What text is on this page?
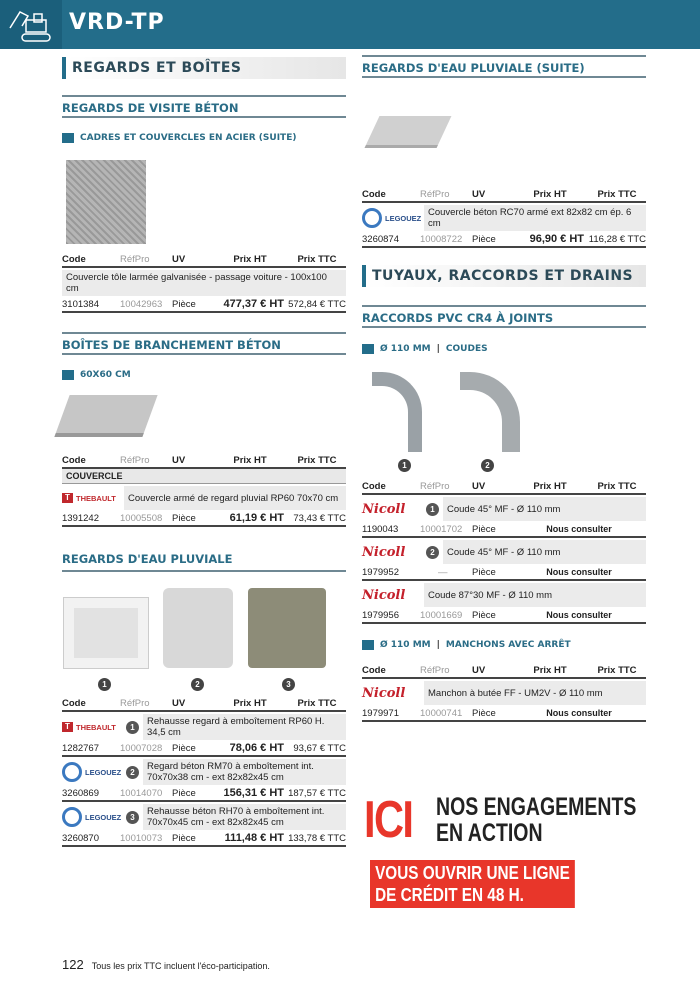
VRD-TP
REGARDS ET BOÎTES
REGARDS DE VISITE BÉTON
CADRES ET COUVERCLES EN ACIER (SUITE)
Code	RéfPro	UV	Prix HT	Prix TTC
Couvercle tôle larmée galvanisée - passage voiture - 100x100 cm
3101384	10042963	Pièce	477,37 € HT 572,84 € TTC
BOÎTES DE BRANCHEMENT BÉTON
60X60 CM
Code	RéfPro	UV	Prix HT	Prix TTC
COUVERCLE
T THEBAULT	Couvercle armé de regard pluvial RP60 70x70 cm
1391242	10005508	Pièce	61,19 € HT 73,43 € TTC
REGARDS D'EAU PLUVIALE
1	2	3
Code	RéfPro	UV	Prix HT	Prix TTC
T THEBAULT	1	Rehausse regard à emboîtement RP60 H. 34,5 cm
1282767	10007028	Pièce	78,06 € HT 93,67 € TTC
LEGOUEZ	2	Regard béton RM70 à emboîtement int. 70x70x38 cm - ext 82x82x45 cm
3260869	10014070	Pièce	156,31 € HT 187,57 € TTC
LEGOUEZ	3	Rehausse béton RH70 à emboîtement int. 70x70x45 cm - ext 82x82x45 cm
3260870	10010073	Pièce	111,48 € HT 133,78 € TTC
REGARDS D'EAU PLUVIALE (SUITE)
Code	RéfPro	UV	Prix HT	Prix TTC
LEGOUEZ Couvercle béton RC70 armé ext 82x82 cm ép. 6 cm
3260874	10008722	Pièce	96,90 € HT 116,28 € TTC
TUYAUX, RACCORDS ET DRAINS
RACCORDS PVC CR4 À JOINTS
Ø 110 MM | COUDES
1	2
Code	RéfPro	UV	Prix HT	Prix TTC
Nicoll	1	Coude 45° MF - Ø 110 mm
1190043	10001702	Pièce	Nous consulter
Nicoll	2	Coude 45° MF - Ø 110 mm
1979952	—	Pièce	Nous consulter
Nicoll	Coude 87°30 MF - Ø 110 mm
1979956	10001669	Pièce	Nous consulter
Ø 110 MM | MANCHONS AVEC ARRÊT
Code	RéfPro	UV	Prix HT	Prix TTC
Nicoll	Manchon à butée FF - UM2V - Ø 110 mm
1979971	10000741	Pièce	Nous consulter
ICI NOS ENGAGEMENTS EN ACTION
VOUS OUVRIR UNE LIGNE
DE CRÉDIT EN 48 H.
122 Tous les prix TTC incluent l'éco-participation.
